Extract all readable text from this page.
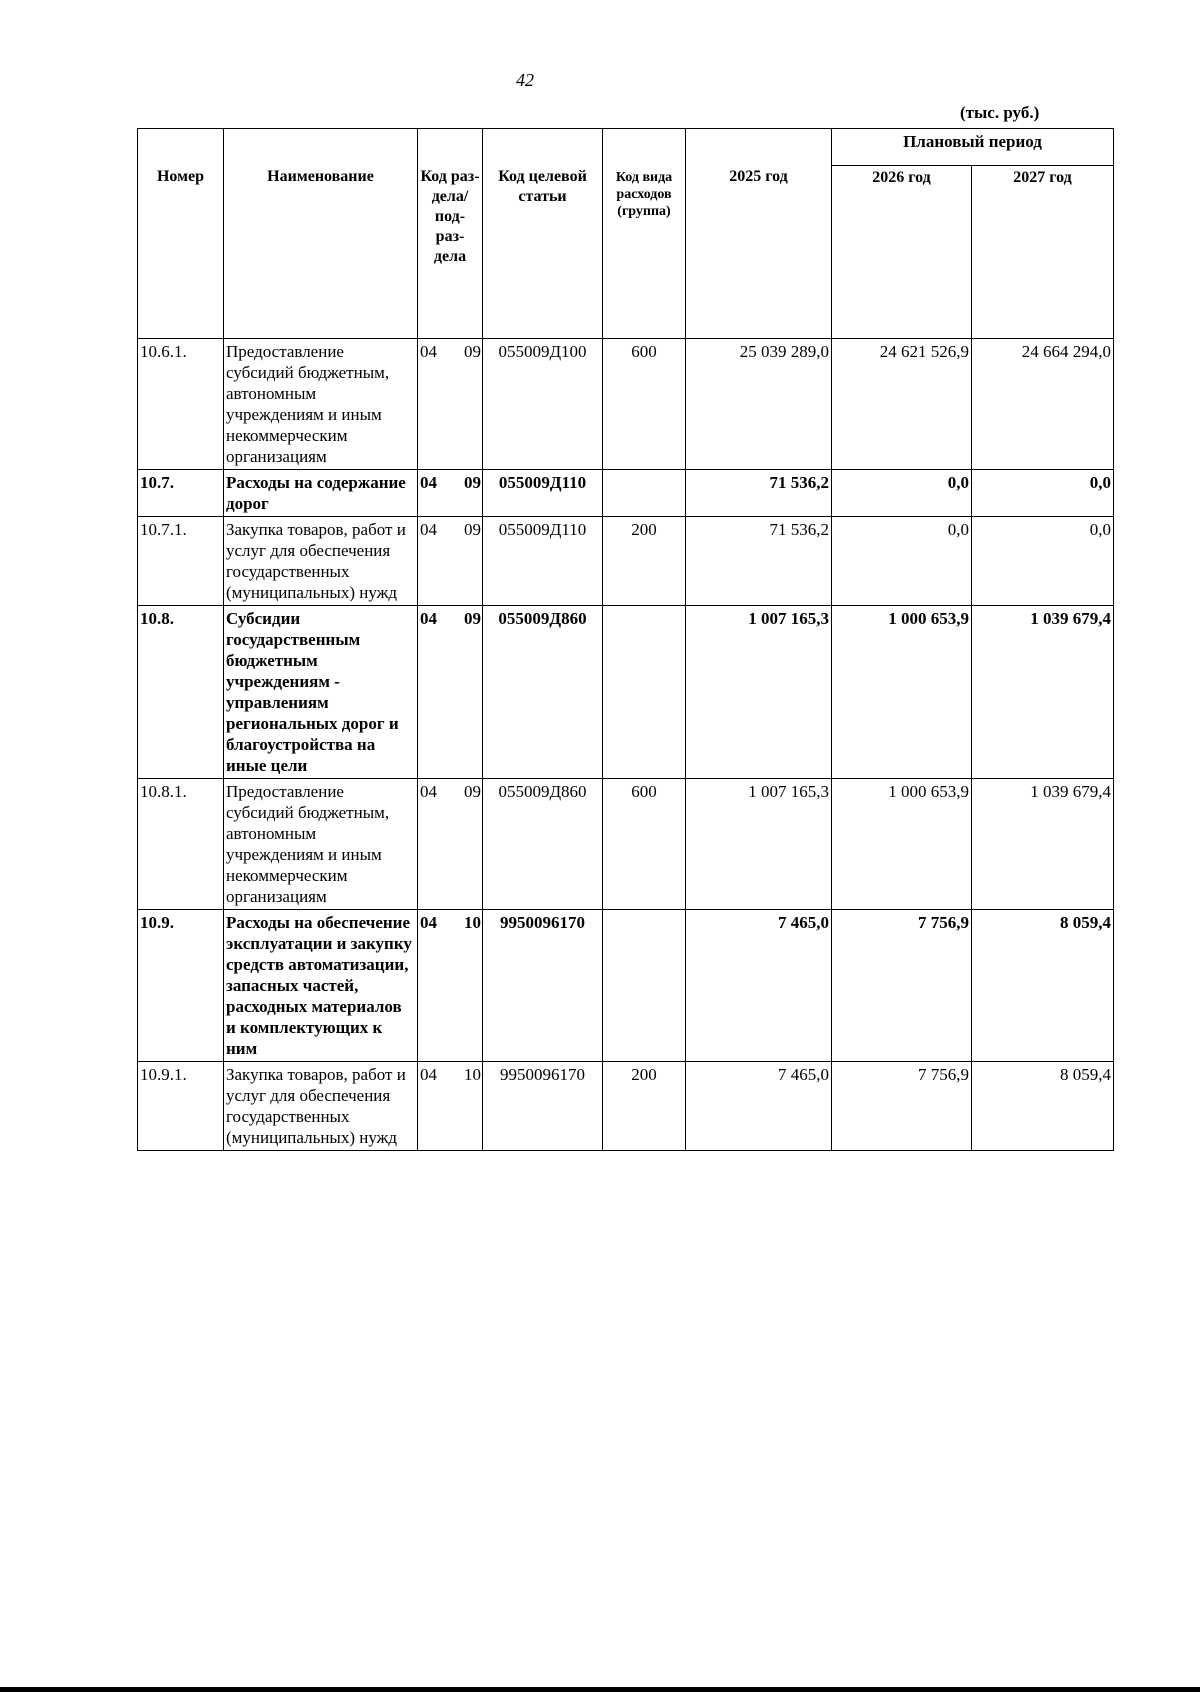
42
(тыс. руб.)
Номер	Наименование	Код раз- дела/ под- раз- дела	Код целевой статьи	Код вида расходов (группа)	2025 год	Плановый период	
						2026 год	2027 год
10.6.1.	Предоставление субсидий бюджетным, автономным учреждениям и иным некоммерческим организациям	04 09	055009Д100	600	25 039 289,0	24 621 526,9	24 664 294,0
10.7.	Расходы на содержание дорог	04 09	055009Д110		71 536,2	0,0	0,0
10.7.1.	Закупка товаров, работ и услуг для обеспечения государственных (муниципальных) нужд	04 09	055009Д110	200	71 536,2	0,0	0,0
10.8.	Субсидии государственным бюджетным учреждениям - управлениям региональных дорог и благоустройства на иные цели	04 09	055009Д860		1 007 165,3	1 000 653,9	1 039 679,4
10.8.1.	Предоставление субсидий бюджетным, автономным учреждениям и иным некоммерческим организациям	04 09	055009Д860	600	1 007 165,3	1 000 653,9	1 039 679,4
10.9.	Расходы на обеспечение эксплуатации и закупку средств автоматизации, запасных частей, расходных материалов и комплектующих к ним	04 10	9950096170		7 465,0	7 756,9	8 059,4
10.9.1.	Закупка товаров, работ и услуг для обеспечения государственных (муниципальных) нужд	04 10	9950096170	200	7 465,0	7 756,9	8 059,4
